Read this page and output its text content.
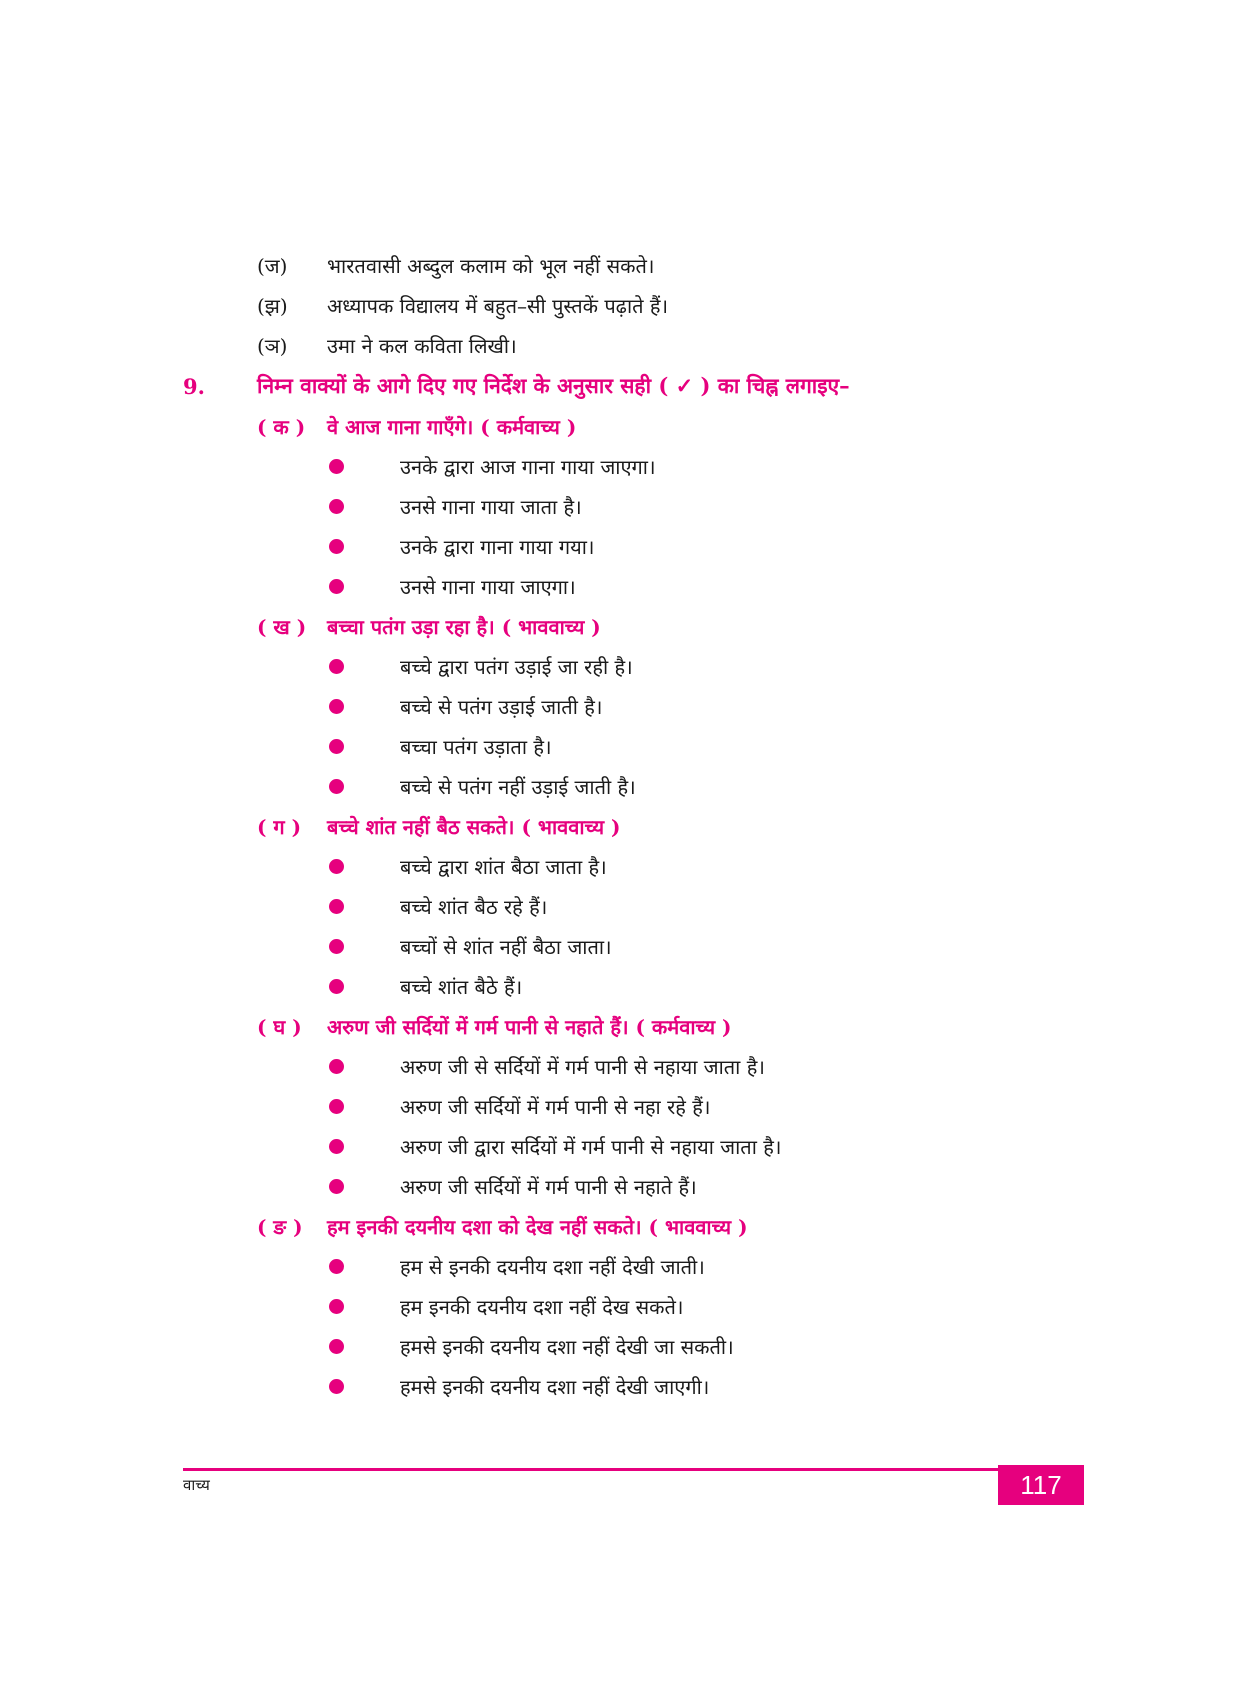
(ज)	भारतवासी अब्दुल कलाम को भूल नहीं सकते।
(झ)	अध्यापक विद्यालय में बहुत–सी पुस्तकें पढ़ाते हैं।
(ञ)	उमा ने कल कविता लिखी।
9. निम्न वाक्यों के आगे दिए गए निर्देश के अनुसार सही ( ✓ ) का चिह्न लगाइए–
( क )	वे आज गाना गाएँगे। ( कर्मवाच्य )
उनके द्वारा आज गाना गाया जाएगा।
उनसे गाना गाया जाता है।
उनके द्वारा गाना गाया गया।
उनसे गाना गाया जाएगा।
( ख )	बच्चा पतंग उड़ा रहा है। ( भाववाच्य )
बच्चे द्वारा पतंग उड़ाई जा रही है।
बच्चे से पतंग उड़ाई जाती है।
बच्चा पतंग उड़ाता है।
बच्चे से पतंग नहीं उड़ाई जाती है।
( ग )	बच्चे शांत नहीं बैठ सकते। ( भाववाच्य )
बच्चे द्वारा शांत बैठा जाता है।
बच्चे शांत बैठ रहे हैं।
बच्चों से शांत नहीं बैठा जाता।
बच्चे शांत बैठे हैं।
( घ )	अरुण जी सर्दियों में गर्म पानी से नहाते हैं। ( कर्मवाच्य )
अरुण जी से सर्दियों में गर्म पानी से नहाया जाता है।
अरुण जी सर्दियों में गर्म पानी से नहा रहे हैं।
अरुण जी द्वारा सर्दियों में गर्म पानी से नहाया जाता है।
अरुण जी सर्दियों में गर्म पानी से नहाते हैं।
( ङ )	हम इनकी दयनीय दशा को देख नहीं सकते। ( भाववाच्य )
हम से इनकी दयनीय दशा नहीं देखी जाती।
हम इनकी दयनीय दशा नहीं देख सकते।
हमसे इनकी दयनीय दशा नहीं देखी जा सकती।
हमसे इनकी दयनीय दशा नहीं देखी जाएगी।
वाच्य	117
